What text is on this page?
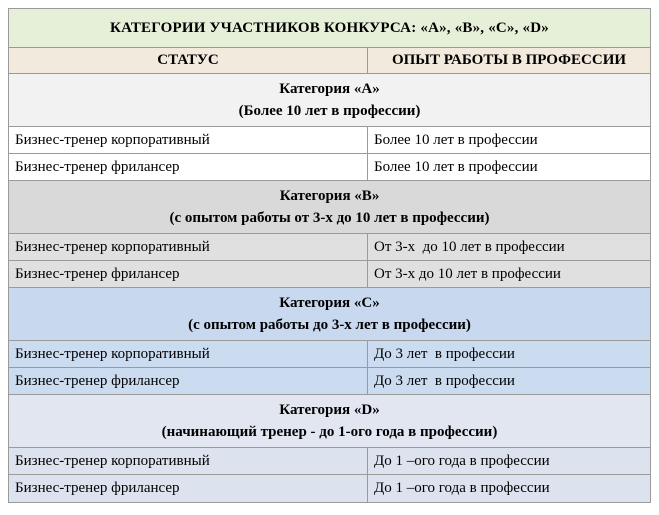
КАТЕГОРИИ УЧАСТНИКОВ КОНКУРСА: «А», «В», «С», «D»	
СТАТУС	ОПЫТ РАБОТЫ В ПРОФЕССИИ

Категория «А»
(Более 10 лет в профессии)	

Бизнес-тренер корпоративный	Более 10 лет в профессии
Бизнес-тренер фрилансер	Более 10 лет в профессии

Категория «В»
(с опытом работы от 3-х до 10 лет в профессии)	

Бизнес-тренер корпоративный	От 3-х  до 10 лет в профессии
Бизнес-тренер фрилансер	От 3-х до 10 лет в профессии

Категория «С»
(с опытом работы до 3-х лет в профессии)	

Бизнес-тренер корпоративный	До 3 лет  в профессии
Бизнес-тренер фрилансер	До 3 лет  в профессии

Категория «D»
(начинающий тренер - до 1-ого года в профессии)	

Бизнес-тренер корпоративный	До 1 –ого года в профессии
Бизнес-тренер фрилансер	До 1 –ого года в профессии
